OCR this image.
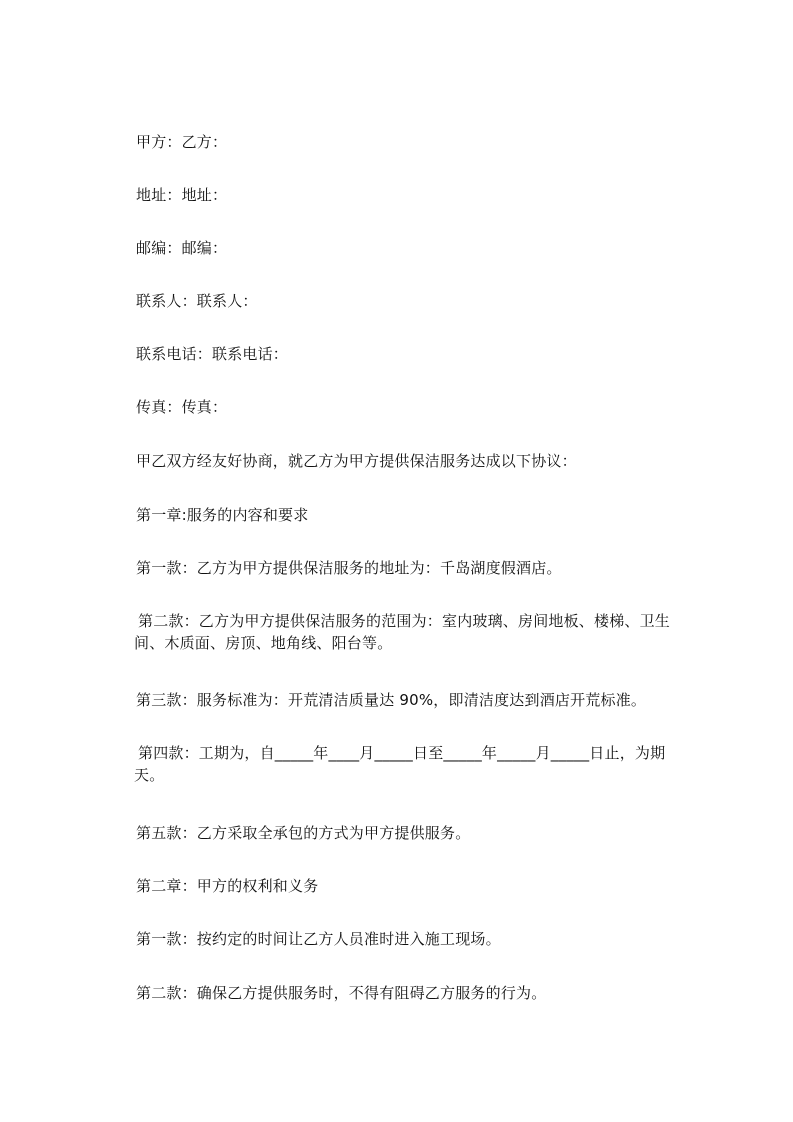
甲方：乙方：
地址：地址：
邮编：邮编：
联系人：联系人：
联系电话：联系电话：
传真：传真：
甲乙双方经友好协商，就乙方为甲方提供保洁服务达成以下协议：
第一章:服务的内容和要求
第一款：乙方为甲方提供保洁服务的地址为：千岛湖度假酒店。
第二款：乙方为甲方提供保洁服务的范围为：室内玻璃、房间地板、楼梯、卫生
间、木质面、房顶、地角线、阳台等。
第三款：服务标准为：开荒清洁质量达 90%，即清洁度达到酒店开荒标准。
第四款：工期为，自_____年____月_____日至_____年_____月_____日止，为期
天。
第五款：乙方采取全承包的方式为甲方提供服务。
第二章：甲方的权利和义务
第一款：按约定的时间让乙方人员准时进入施工现场。
第二款：确保乙方提供服务时，不得有阻碍乙方服务的行为。
